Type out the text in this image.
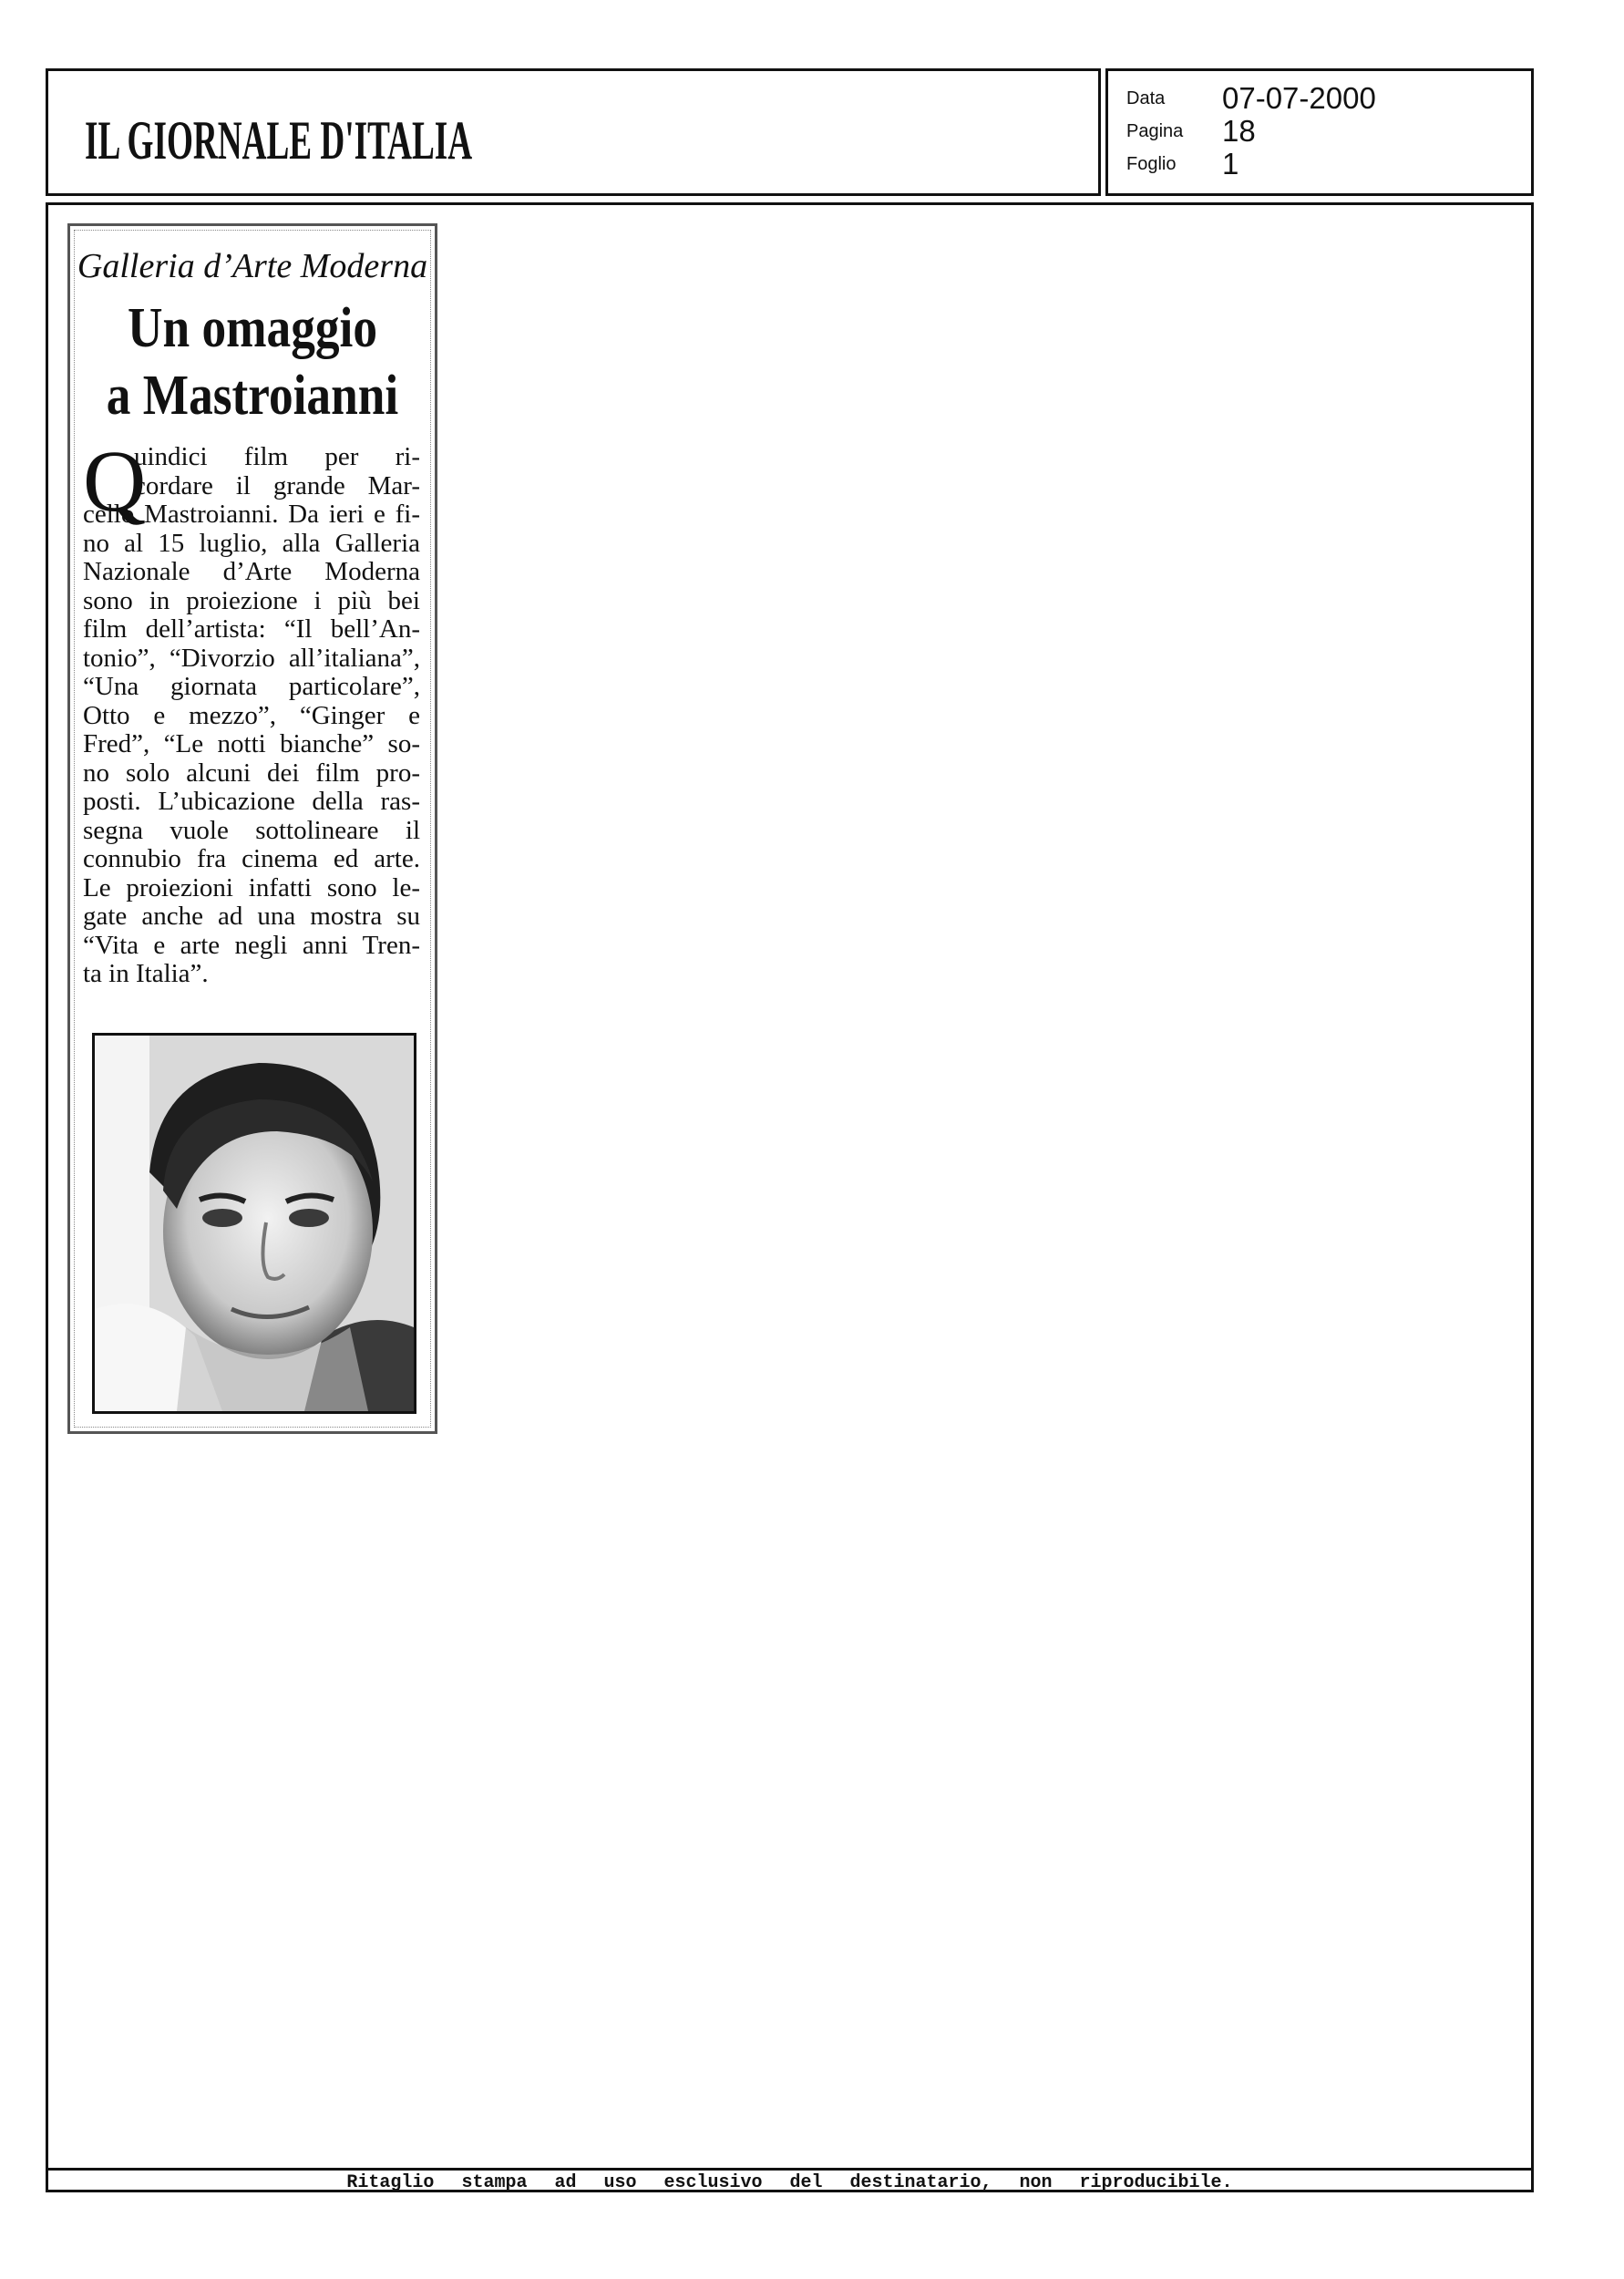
IL GIORNALE D'ITALIA
Data	07-07-2000
Pagina	18
Foglio	1
Ritaglio stampa ad uso esclusivo del destinatario, non riproducibile.
Galleria d’Arte Moderna
Un omaggio
a Mastroianni
Q
uindici film per ri-
cordare il grande Mar-
cello Mastroianni. Da ieri e fi-
no al 15 luglio, alla Galleria
Nazionale d’Arte Moderna
sono in proiezione i più bei
film dell’artista: “Il bell’An-
tonio”, “Divorzio all’italiana”,
“Una giornata particolare”,
Otto e mezzo”, “Ginger e
Fred”, “Le notti bianche” so-
no solo alcuni dei film pro-
posti. L’ubicazione della ras-
segna vuole sottolineare il
connubio fra cinema ed arte.
Le proiezioni infatti sono le-
gate anche ad una mostra su
“Vita e arte negli anni Tren-
ta in Italia”.
